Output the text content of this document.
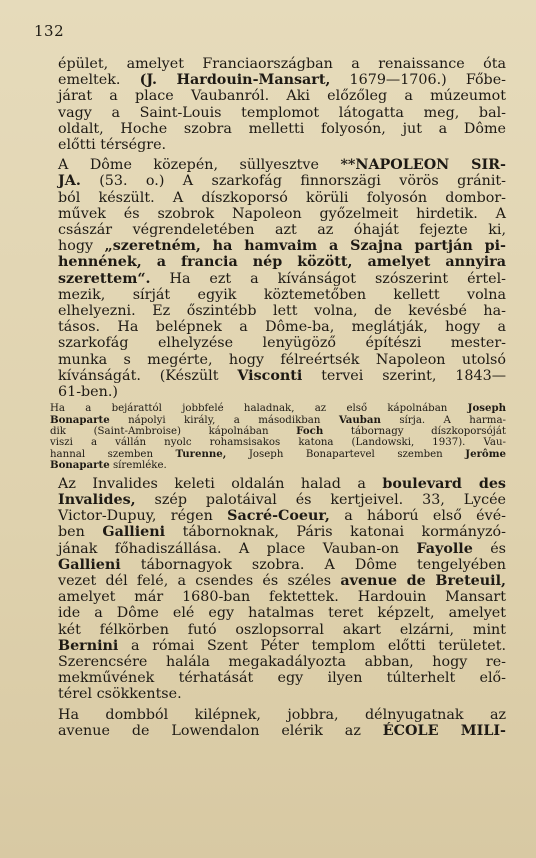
132

épület, amelyet Franciaországban a renaissance óta
emeltek. (J. Hardouin-Mansart, 1679—1706.) Főbe-
járat a place Vaubanról. Aki előzőleg a múzeumot
vagy a Saint-Louis templomot látogatta meg, bal-
oldalt, Hoche szobra melletti folyosón, jut a Dôme
előtti térségre.

A Dôme közepén, süllyesztve **NAPOLEON SIR-
JA. (53. o.) A szarkofág finnorszägi vörös gránit-
ból készült. A díszkoporsó körüli folyosón dombor-
művek és szobrok Napoleon győzelmeit hirdetik. A
császár végrendeletében azt az óhaját fejezte ki,
hogy „szeretném, ha hamvaim a Szajna partján pi-
hennének, a francia nép között, amelyet annyira
szerettem“. Ha ezt a kívánságot szószerint értel-
mezik, sírját egyik köztemetőben kellett volna
elhelyezni. Ez őszintébb lett volna, de kevésbé ha-
tásos. Ha belépnek a Dôme-ba, meglátják, hogy a
szarkofág elhelyzése lenyügöző építészi mester-
munka s megérte, hogy félreértsék Napoleon utolsó
kívánságát. (Készült Visconti tervei szerint, 1843—
61-ben.)

Ha a bejárattól jobbfelé haladnak, az első kápolnában Joseph
Bonaparte nápolyi király, a másodikban Vauban sírja. A harma-
dik (Saint-Ambroise) kápolnában Foch tábornagy díszkoporsóját
viszi a vállán nyolc rohamsisakos katona (Landowski, 1937). Vau-
hannal szemben Turenne, Joseph Bonapartevel szemben Jerôme
Bonaparte síremléke.

Az Invalides keleti oldalán halad a boulevard des
Invalides, szép palotáival és kertjeivel. 33, Lycée
Victor-Dupuy, régen Sacré-Coeur, a háború első évé-
ben Gallieni tábornoknak, Páris katonai kormányzó-
jának főhadiszállása. A place Vauban-on Fayolle és
Gallieni tábornagyok szobra. A Dôme tengelyében
vezet dél felé, a csendes és széles avenue de Breteuil,
amelyet már 1680-ban fektettek. Hardouin Mansart
ide a Dôme elé egy hatalmas teret képzelt, amelyet
két félkörben futó oszlopsorral akart elzárni, mint
Bernini a római Szent Péter templom előtti területet.
Szerencsére halála megakadályozta abban, hogy re-
mekművének térhatását egy ilyen túlterhelt elő-
térel csökkentse.

Ha dombból kilépnek, jobbra, délnyugatnak az
avenue de Lowendalon elérik az ÉCOLE MILI-
